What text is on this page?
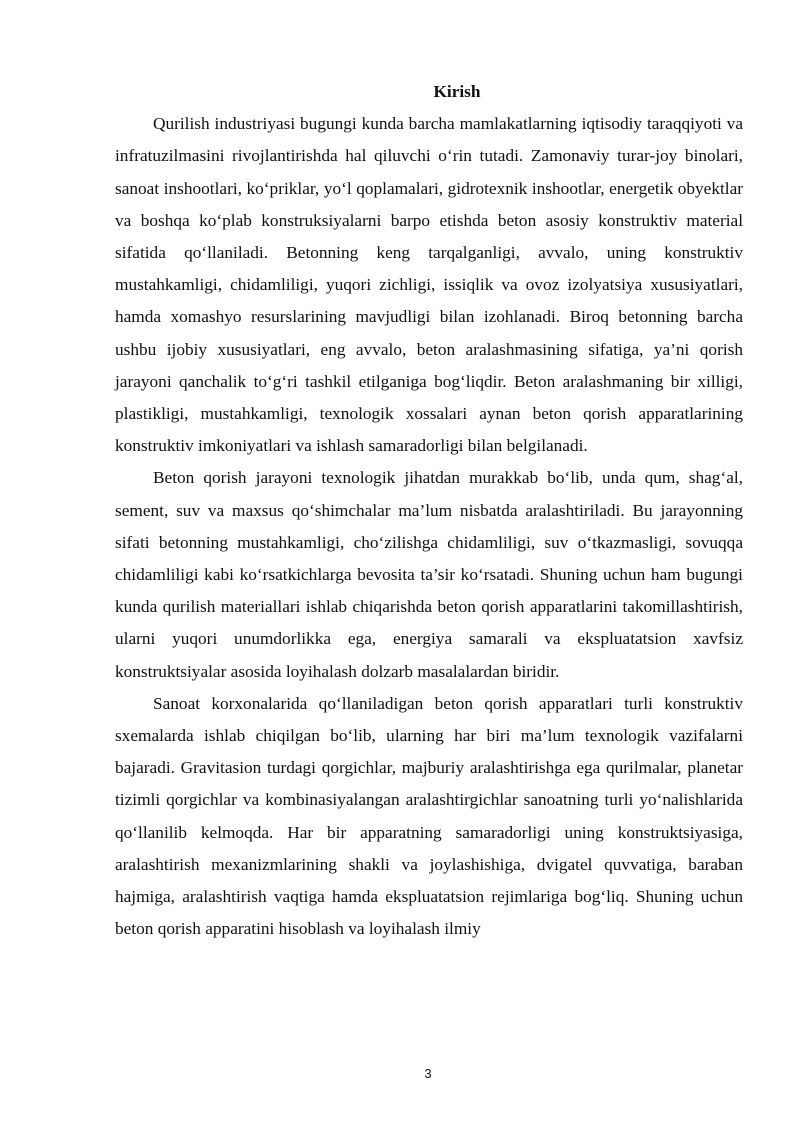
Kirish

Qurilish industriyasi bugungi kunda barcha mamlakatlarning iqtisodiy taraqqiyoti va infratuzilmasini rivojlantirishda hal qiluvchi oʻrin tutadi. Zamonaviy turar-joy binolari, sanoat inshootlari, koʻpriklar, yoʻl qoplamalari, gidrotexnik inshootlar, energetik obyektlar va boshqa koʻplab konstruksiyalarni barpo etishda beton asosiy konstruktiv material sifatida qoʻllaniladi. Betonning keng tarqalganligi, avvalo, uning konstruktiv mustahkamligi, chidamliligi, yuqori zichligi, issiqlik va ovoz izolyatsiya xususiyatlari, hamda xomashyo resurslarining mavjudligi bilan izohlanadi. Biroq betonning barcha ushbu ijobiy xususiyatlari, eng avvalo, beton aralashmasining sifatiga, ya’ni qorish jarayoni qanchalik toʻgʻri tashkil etilganiga bogʻliqdir. Beton aralashmaning bir xilligi, plastikligi, mustahkamligi, texnologik xossalari aynan beton qorish apparatlarining konstruktiv imkoniyatlari va ishlash samaradorligi bilan belgilanadi.

Beton qorish jarayoni texnologik jihatdan murakkab boʻlib, unda qum, shagʻal, sement, suv va maxsus qoʻshimchalar ma’lum nisbatda aralashtiriladi. Bu jarayonning sifati betonning mustahkamligi, choʻzilishga chidamliligi, suv oʻtkazmasligi, sovuqqa chidamliligi kabi koʻrsatkichlarga bevosita ta’sir koʻrsatadi. Shuning uchun ham bugungi kunda qurilish materiallari ishlab chiqarishda beton qorish apparatlarini takomillashtirish, ularni yuqori unumdorlikka ega, energiya samarali va ekspluatatsion xavfsiz konstruktsiyalar asosida loyihalash dolzarb masalalardan biridir.

Sanoat korxonalarida qoʻllaniladigan beton qorish apparatlari turli konstruktiv sxemalarda ishlab chiqilgan boʻlib, ularning har biri ma’lum texnologik vazifalarni bajaradi. Gravitasion turdagi qorgichlar, majburiy aralashtirishga ega qurilmalar, planetar tizimli qorgichlar va kombinasiyalangan aralashtirgichlar sanoatning turli yoʻnalishlarida qoʻllanilib kelmoqda. Har bir apparatning samaradorligi uning konstruktsiyasiga, aralashtirish mexanizmlarining shakli va joylashishiga, dvigatel quvvatiga, baraban hajmiga, aralashtirish vaqtiga hamda ekspluatatsion rejimlariga bogʻliq. Shuning uchun beton qorish apparatini hisoblash va loyihalash ilmiy

3
